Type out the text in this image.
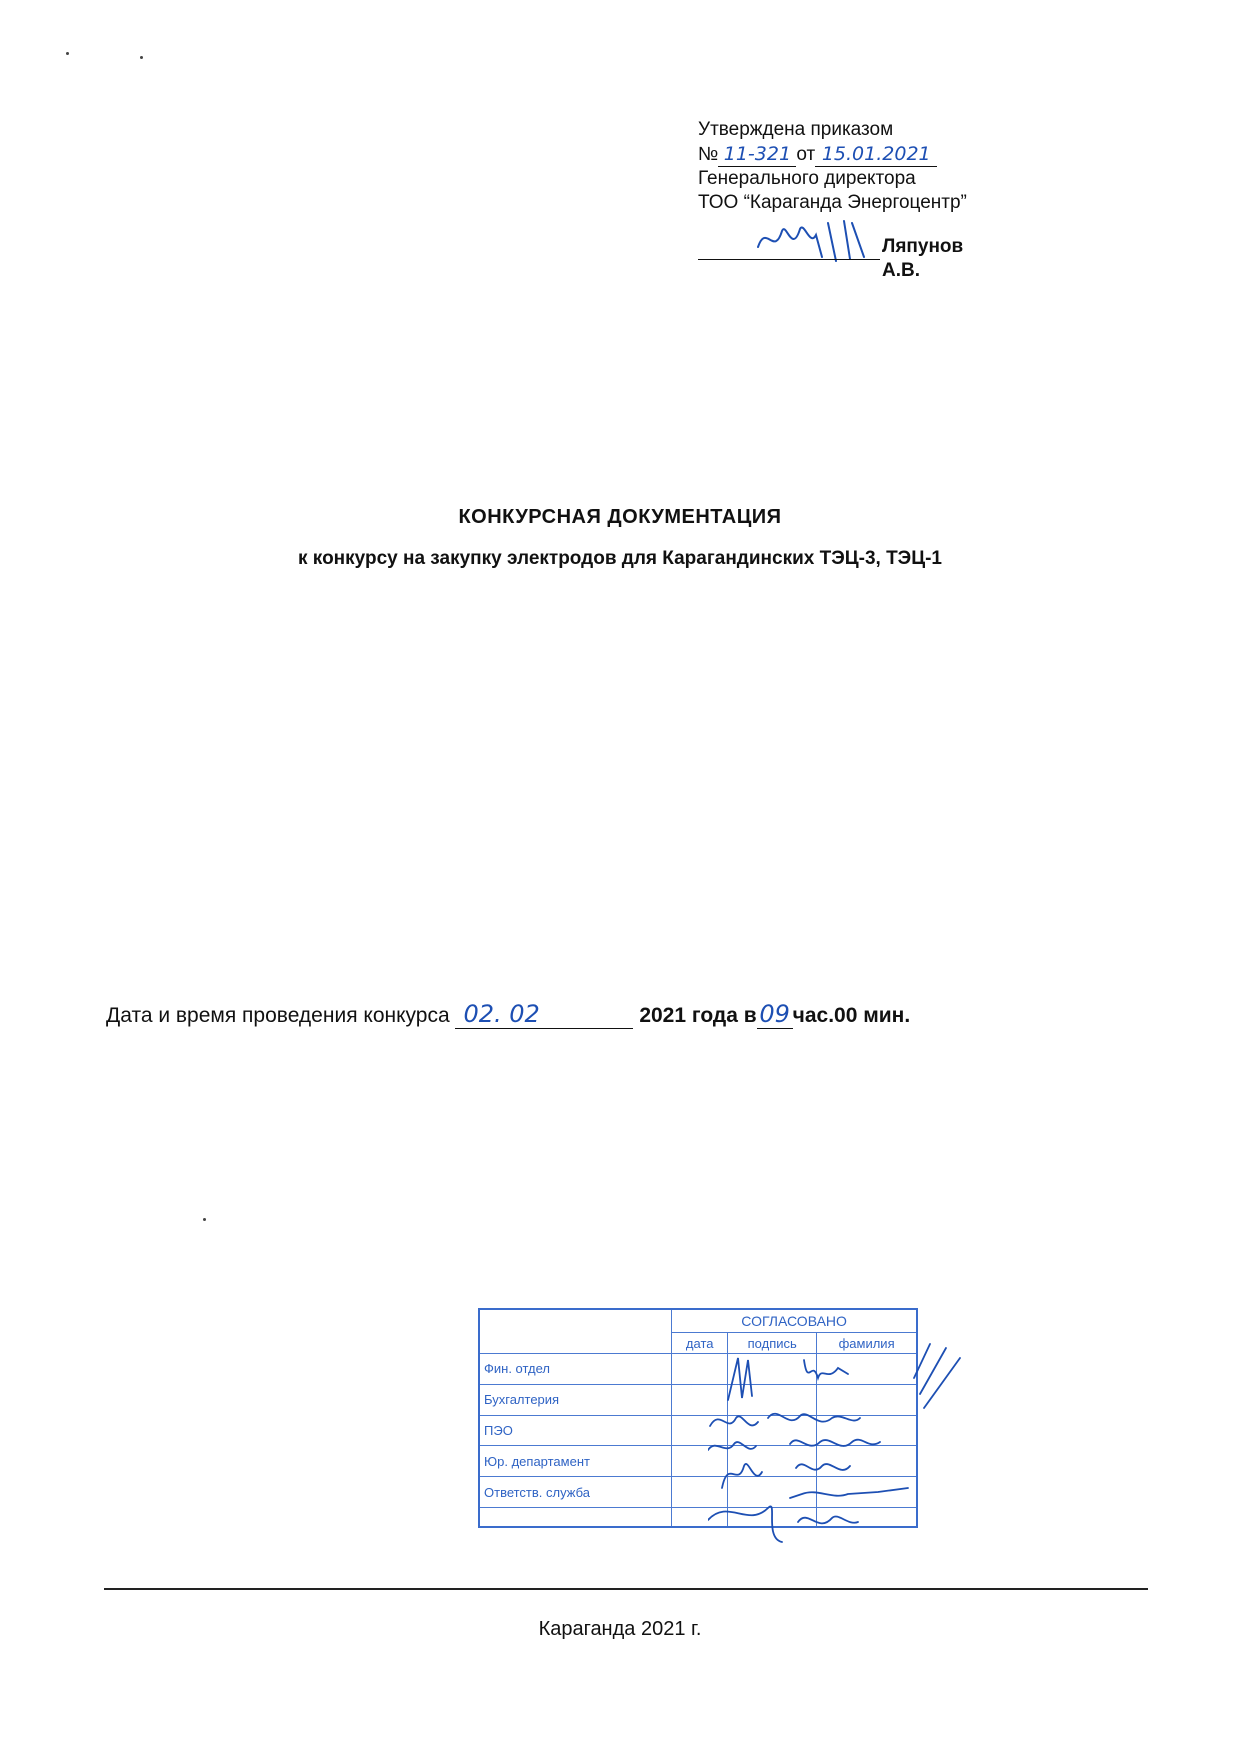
Утверждена приказом
№ 11-321 от 15.01.2021
Генерального директора
ТОО “Караганда Энергоцентр”
Ляпунов А.В.
КОНКУРСНАЯ ДОКУМЕНТАЦИЯ
к конкурсу на закупку электродов для Карагандинских ТЭЦ-3, ТЭЦ-1
Дата и время проведения конкурса 02. 02	2021 года в 09 час.00 мин.
	СОГЛАСОВАНО		
	дата	подпись	фамилия
Фин. отдел			
Бухгалтерия			
ПЭО			
Юр. департамент			
Ответств. служба			

Караганда 2021 г.
